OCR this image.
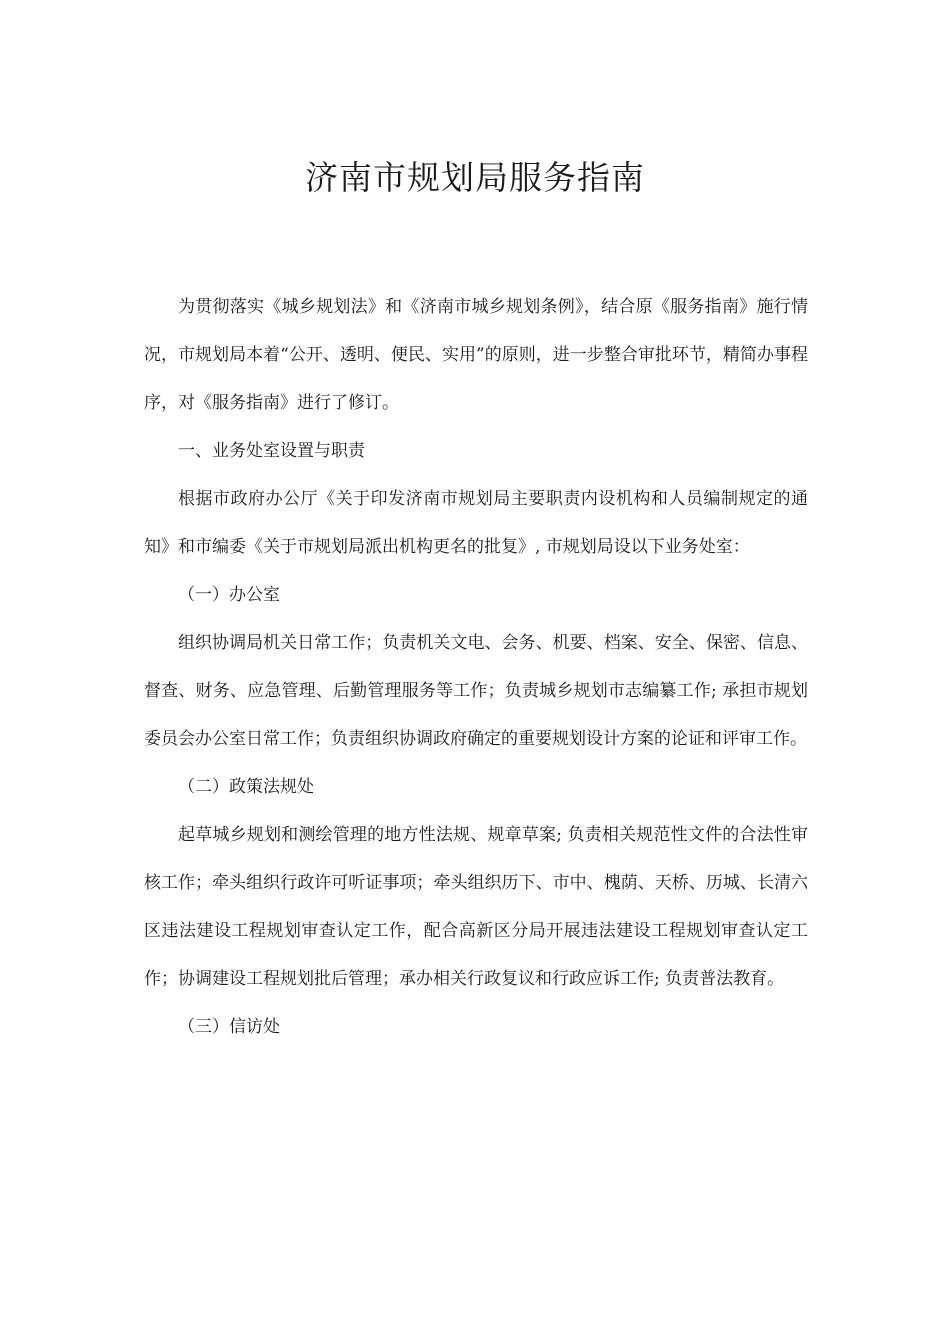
济南市规划局服务指南

为贯彻落实《城乡规划法》和《济南市城乡规划条例》，结合原《服务指南》施行情况，市规划局本着“公开、透明、便民、实用”的原则，进一步整合审批环节，精简办事程序，对《服务指南》进行了修订。

一、业务处室设置与职责

根据市政府办公厅《关于印发济南市规划局主要职责内设机构和人员编制规定的通知》和市编委《关于市规划局派出机构更名的批复》, 市规划局设以下业务处室：

（一）办公室

组织协调局机关日常工作；负责机关文电、会务、机要、档案、安全、保密、信息、督查、财务、应急管理、后勤管理服务等工作；负责城乡规划市志编纂工作; 承担市规划委员会办公室日常工作；负责组织协调政府确定的重要规划设计方案的论证和评审工作。

（二）政策法规处

起草城乡规划和测绘管理的地方性法规、规章草案; 负责相关规范性文件的合法性审核工作；牵头组织行政许可听证事项；牵头组织历下、市中、槐荫、天桥、历城、长清六区违法建设工程规划审查认定工作，配合高新区分局开展违法建设工程规划审查认定工作；协调建设工程规划批后管理；承办相关行政复议和行政应诉工作; 负责普法教育。

（三）信访处
